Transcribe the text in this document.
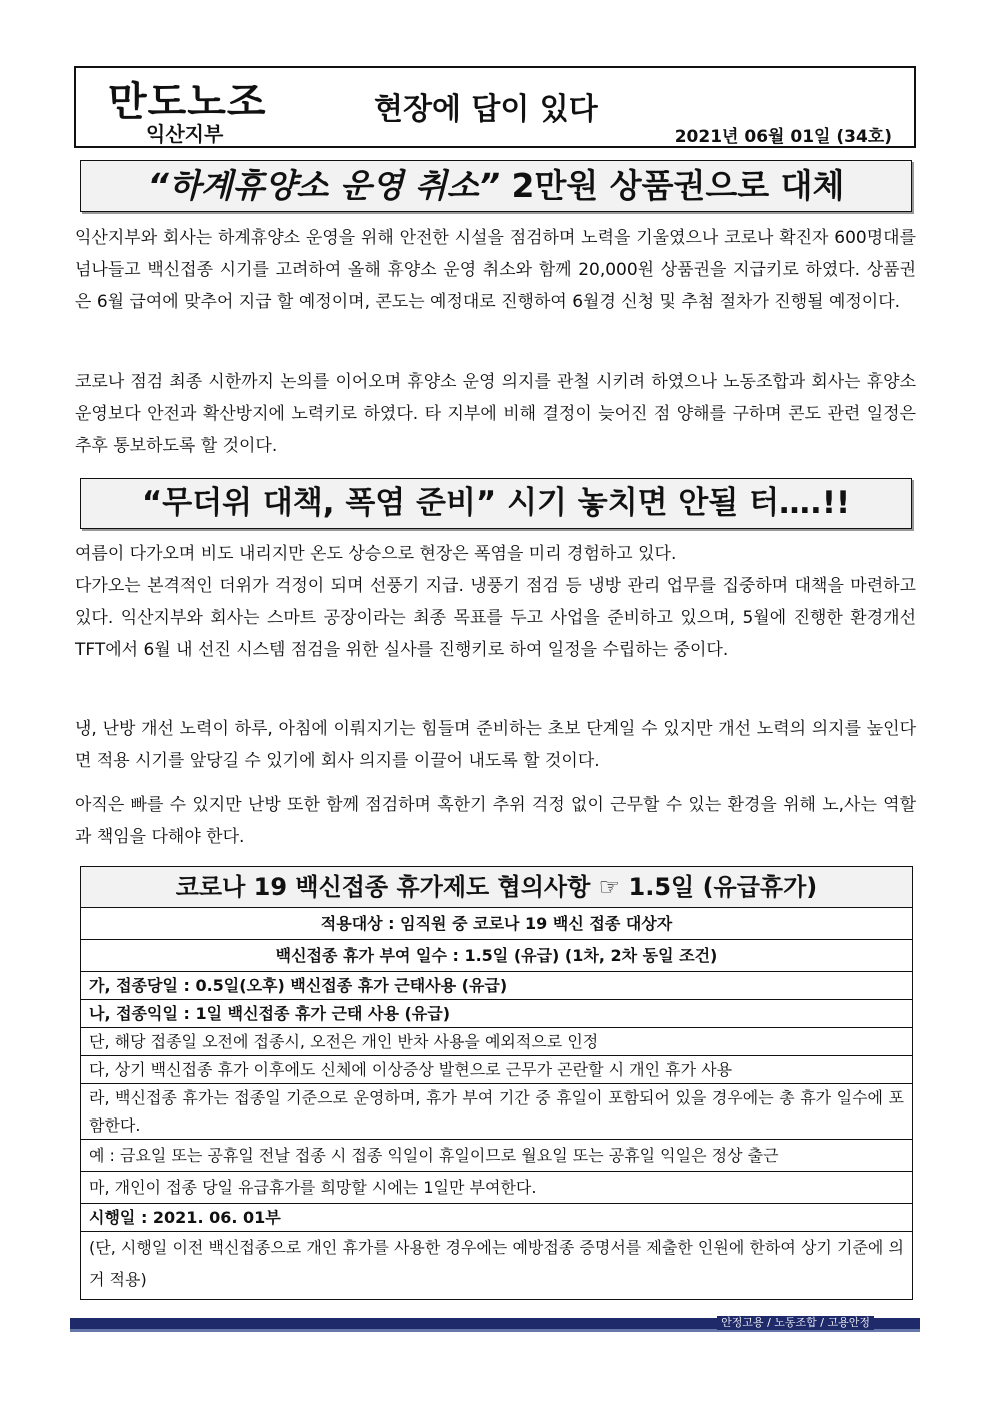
만도노조
익산지부
현장에 답이 있다
2021년 06월 01일 (34호)
“하계휴양소 운영 취소” 2만원 상품권으로 대체

익산지부와 회사는 하계휴양소 운영을 위해 안전한 시설을 점검하며 노력을 기울였으나 코로나 확진자 600명대를 넘나들고 백신접종 시기를 고려하여 올해 휴양소 운영 취소와 함께 20,000원 상품권을 지급키로 하였다. 상품권은 6월 급여에 맞추어 지급 할 예정이며, 콘도는 예정대로 진행하여 6월경 신청 및 추첨 절차가 진행될 예정이다.

코로나 점검 최종 시한까지 논의를 이어오며 휴양소 운영 의지를 관철 시키려 하였으나 노동조합과 회사는 휴양소 운영보다 안전과 확산방지에 노력키로 하였다. 타 지부에 비해 결정이 늦어진 점 양해를 구하며 콘도 관련 일정은 추후 통보하도록 할 것이다.

“무더위 대책, 폭염 준비” 시기 놓치면 안될 터….!!
여름이 다가오며 비도 내리지만 온도 상승으로 현장은 폭염을 미리 경험하고 있다.
다가오는 본격적인 더위가 걱정이 되며 선풍기 지급. 냉풍기 점검 등 냉방 관리 업무를 집중하며 대책을 마련하고 있다. 익산지부와 회사는 스마트 공장이라는 최종 목표를 두고 사업을 준비하고 있으며, 5월에 진행한 환경개선 TFT에서 6월 내 선진 시스템 점검을 위한 실사를 진행키로 하여 일정을 수립하는 중이다.

냉, 난방 개선 노력이 하루, 아침에 이뤄지기는 힘들며 준비하는 초보 단계일 수 있지만 개선 노력의 의지를 높인다면 적용 시기를 앞당길 수 있기에 회사 의지를 이끌어 내도록 할 것이다.

아직은 빠를 수 있지만 난방 또한 함께 점검하며 혹한기 추위 걱정 없이 근무할 수 있는 환경을 위해 노,사는 역할과 책임을 다해야 한다.

코로나 19 백신접종 휴가제도 협의사항 ☞ 1.5일 (유급휴가)
적용대상 : 임직원 중 코로나 19 백신 접종 대상자
백신접종 휴가 부여 일수 : 1.5일 (유급) (1차, 2차 동일 조건)
가, 접종당일 : 0.5일(오후) 백신접종 휴가 근태사용 (유급)
나, 접종익일 : 1일 백신접종 휴가 근태 사용 (유급)
단, 해당 접종일 오전에 접종시, 오전은 개인 반차 사용을 예외적으로 인정
다, 상기 백신접종 휴가 이후에도 신체에 이상증상 발현으로 근무가 곤란할 시 개인 휴가 사용
라, 백신접종 휴가는 접종일 기준으로 운영하며, 휴가 부여 기간 중 휴일이 포함되어 있을 경우에는 총 휴가 일수에 포함한다.
예 : 금요일 또는 공휴일 전날 접종 시 접종 익일이 휴일이므로 월요일 또는 공휴일 익일은 정상 출근
마, 개인이 접종 당일 유급휴가를 희망할 시에는 1일만 부여한다.
시행일 : 2021. 06. 01부
(단, 시행일 이전 백신접종으로 개인 휴가를 사용한 경우에는 예방접종 증명서를 제출한 인원에 한하여 상기 기준에 의거 적용)
안정고용 / 노동조합 / 고용안정
